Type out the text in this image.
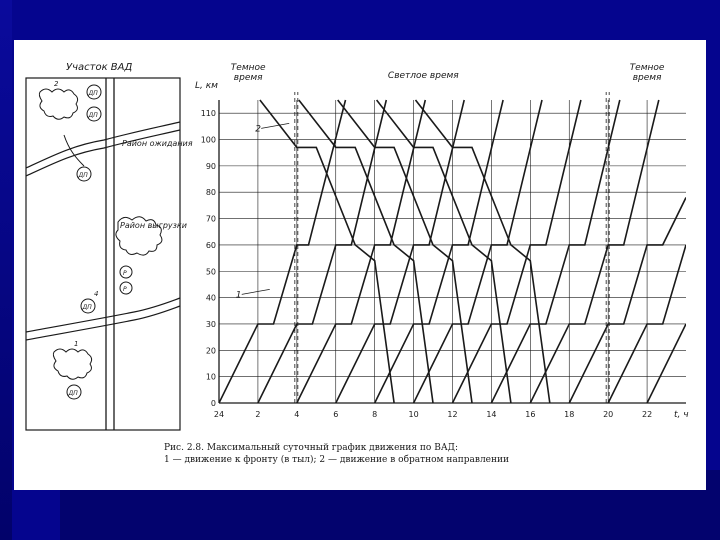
Участок ВАД
ДП
2
ДП
Район ожидания
ДП
Район выгрузки
Р
Р
ДП
4
1
ДП
24	2	4	6	8	10	12	14	16	18	20	22
0
10
20
30
40
50
60
70
80
90
100
110
L, км
t, ч
Темное время	Светлое время
Темное время
1
2
Рис. 2.8. Максимальный суточный график движения по ВАД:
1 — движение к фронту (в тыл); 2 — движение в обратном направлении
